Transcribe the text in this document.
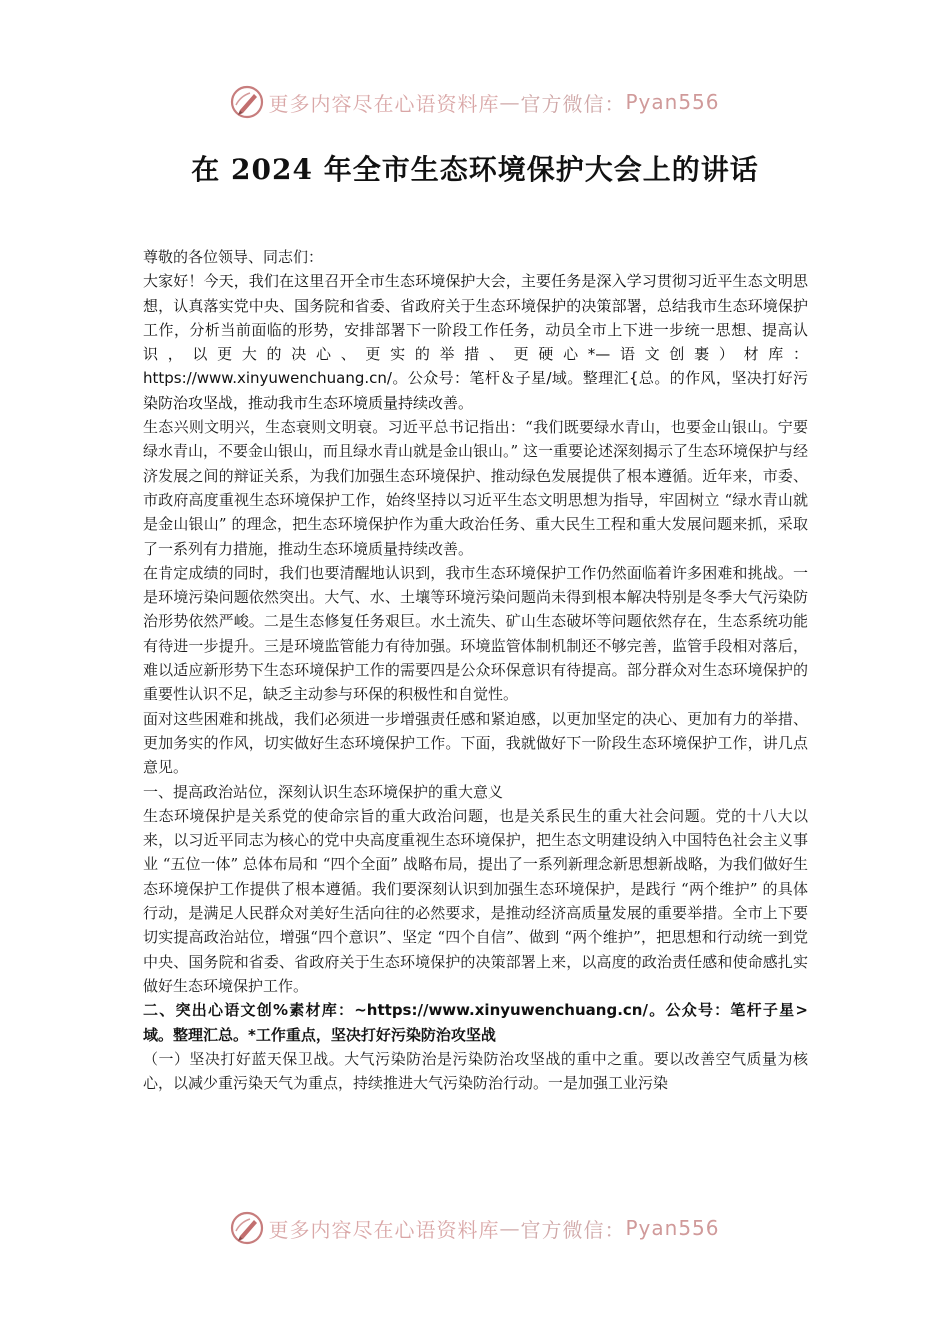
更多内容尽在心语资料库 — 官方微信： Pyan556
在 2024 年全市生态环境保护大会上的讲话

尊敬的各位领导、同志们：

大家好！今天，我们在这里召开全市生态环境保护大会，主要任务是深入学习贯彻习近平生态文明思想，认真落实党中央、国务院和省委、省政府关于生态环境保护的决策部署，总结我市生态环境保护工作，分析当前面临的形势，安排部署下一阶段工作任务，动员全市上下进一步统一思想、提高认识，以更大的决心、更实的举措、更硬心*—语文创裹）材库：https://www.xinyuwenchuang.cn/。公众号：笔杆＆子星/域。整理汇{总。的作风，坚决打好污染防治攻坚战，推动我市生态环境质量持续改善。

生态兴则文明兴，生态衰则文明衰。习近平总书记指出：“我们既要绿水青山，也要金山银山。宁要绿水青山，不要金山银山，而且绿水青山就是金山银山。” 这一重要论述深刻揭示了生态环境保护与经济发展之间的辩证关系，为我们加强生态环境保护、推动绿色发展提供了根本遵循。近年来，市委、市政府高度重视生态环境保护工作，始终坚持以习近平生态文明思想为指导，牢固树立 “绿水青山就是金山银山” 的理念，把生态环境保护作为重大政治任务、重大民生工程和重大发展问题来抓，采取了一系列有力措施，推动生态环境质量持续改善。

在肯定成绩的同时，我们也要清醒地认识到，我市生态环境保护工作仍然面临着许多困难和挑战。一是环境污染问题依然突出。大气、水、土壤等环境污染问题尚未得到根本解决特别是冬季大气污染防治形势依然严峻。二是生态修复任务艰巨。水土流失、矿山生态破坏等问题依然存在，生态系统功能有待进一步提升。三是环境监管能力有待加强。环境监管体制机制还不够完善，监管手段相对落后，难以适应新形势下生态环境保护工作的需要四是公众环保意识有待提高。部分群众对生态环境保护的重要性认识不足，缺乏主动参与环保的积极性和自觉性。

面对这些困难和挑战，我们必须进一步增强责任感和紧迫感，以更加坚定的决心、更加有力的举措、更加务实的作风，切实做好生态环境保护工作。下面，我就做好下一阶段生态环境保护工作，讲几点意见。

一、提高政治站位，深刻认识生态环境保护的重大意义

生态环境保护是关系党的使命宗旨的重大政治问题，也是关系民生的重大社会问题。党的十八大以来，以习近平同志为核心的党中央高度重视生态环境保护，把生态文明建设纳入中国特色社会主义事业 “五位一体” 总体布局和 “四个全面” 战略布局，提出了一系列新理念新思想新战略，为我们做好生态环境保护工作提供了根本遵循。我们要深刻认识到加强生态环境保护，是践行 “两个维护” 的具体行动，是满足人民群众对美好生活向往的必然要求，是推动经济高质量发展的重要举措。全市上下要切实提高政治站位，增强“四个意识”、坚定 “四个自信”、做到 “两个维护”，把思想和行动统一到党中央、国务院和省委、省政府关于生态环境保护的决策部署上来，以高度的政治责任感和使命感扎实做好生态环境保护工作。

二、突出心语文创%素材库：~https://www.xinyuwenchuang.cn/。公众号：笔杆子星>域。整理汇总。*工作重点，坚决打好污染防治攻坚战

（一）坚决打好蓝天保卫战。大气污染防治是污染防治攻坚战的重中之重。要以改善空气质量为核心，以减少重污染天气为重点，持续推进大气污染防治行动。一是加强工业污染

更多内容尽在心语资料库 — 官方微信： Pyan556
